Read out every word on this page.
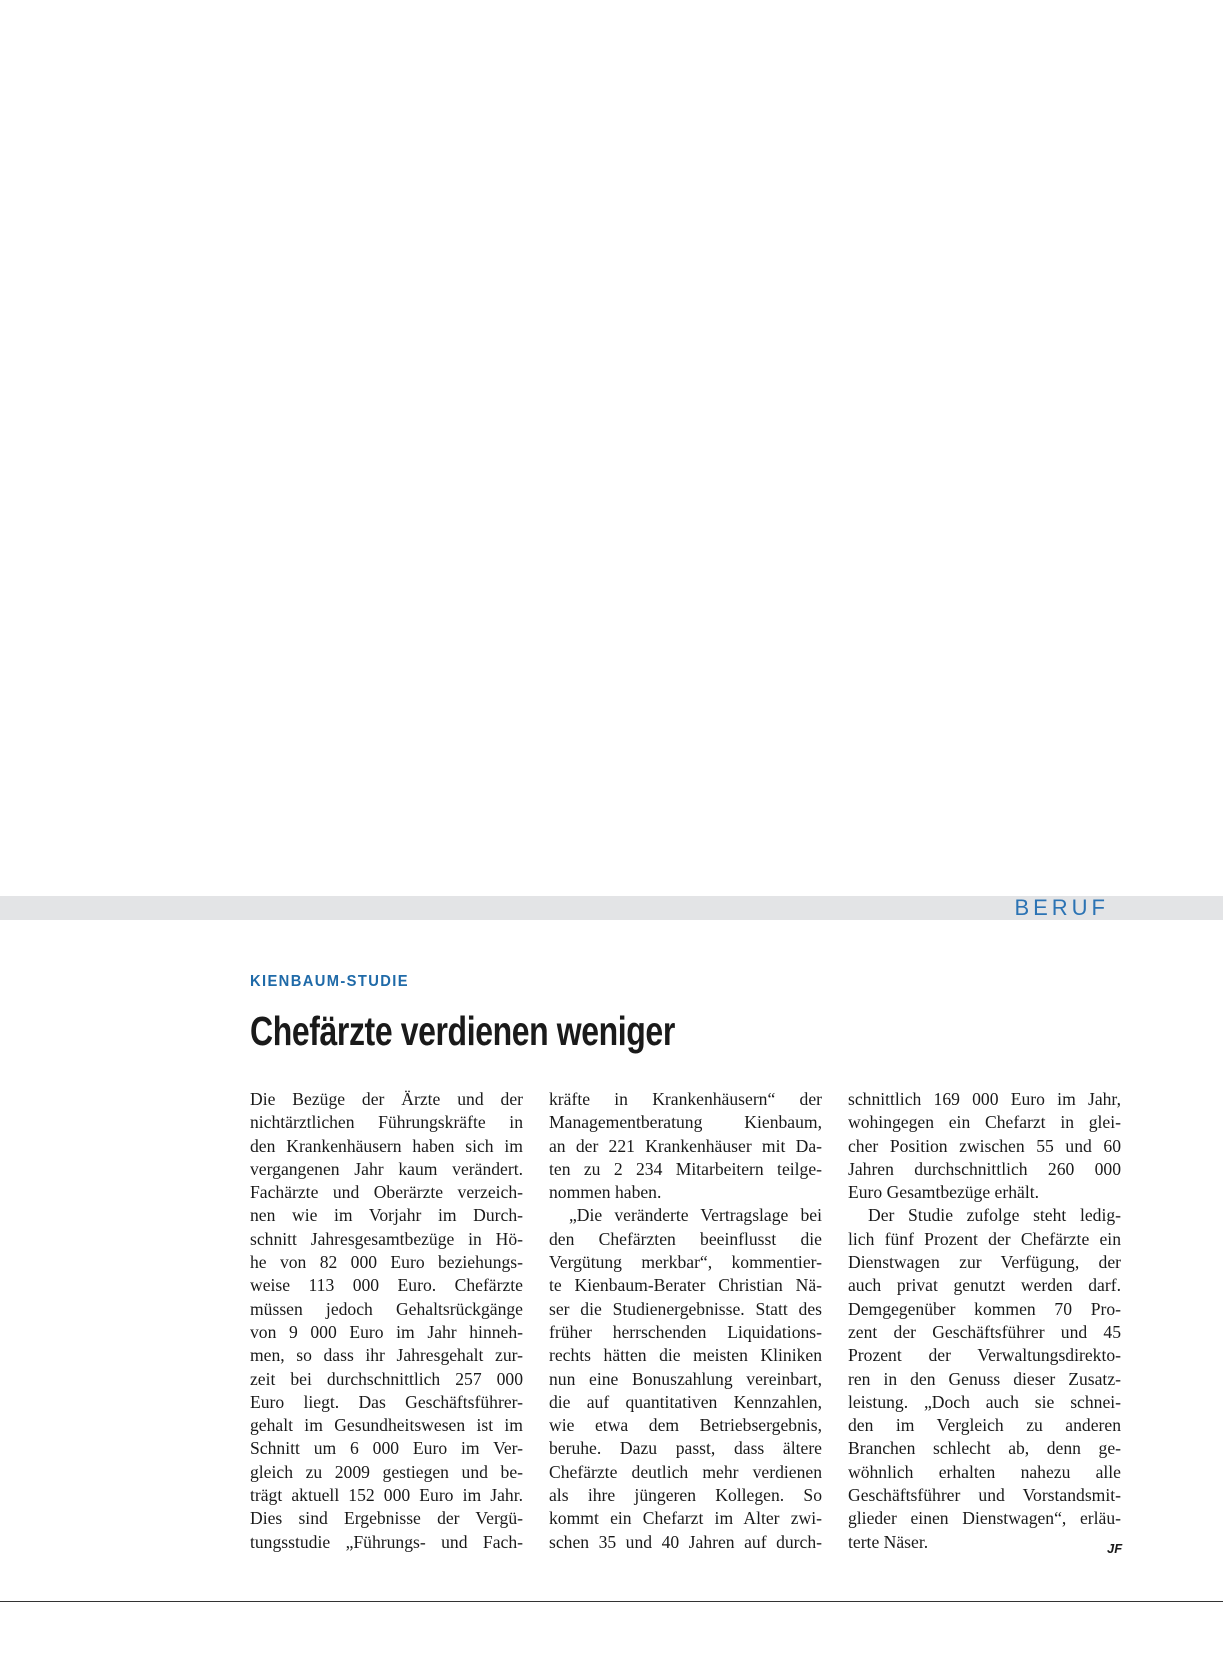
BERUF
KIENBAUM-STUDIE
Chefärzte verdienen weniger
Die Bezüge der Ärzte und der
nichtärztlichen Führungskräfte in
den Krankenhäusern haben sich im
vergangenen Jahr kaum verändert.
Fachärzte und Oberärzte verzeich-
nen wie im Vorjahr im Durch-
schnitt Jahresgesamtbezüge in Hö-
he von 82 000 Euro beziehungs-
weise 113 000 Euro. Chefärzte
müssen jedoch Gehaltsrückgänge
von 9 000 Euro im Jahr hinneh-
men, so dass ihr Jahresgehalt zur-
zeit bei durchschnittlich 257 000
Euro liegt. Das Geschäftsführer-
gehalt im Gesundheitswesen ist im
Schnitt um 6 000 Euro im Ver-
gleich zu 2009 gestiegen und be-
trägt aktuell 152 000 Euro im Jahr.
Dies sind Ergebnisse der Vergü-
tungsstudie „Führungs- und Fach-
kräfte in Krankenhäusern“ der
Managementberatung Kienbaum,
an der 221 Krankenhäuser mit Da-
ten zu 2 234 Mitarbeitern teilge-
nommen haben.
„Die veränderte Vertragslage bei
den Chefärzten beeinflusst die
Vergütung merkbar“, kommentier-
te Kienbaum-Berater Christian Nä-
ser die Studienergebnisse. Statt des
früher herrschenden Liquidations-
rechts hätten die meisten Kliniken
nun eine Bonuszahlung vereinbart,
die auf quantitativen Kennzahlen,
wie etwa dem Betriebsergebnis,
beruhe. Dazu passt, dass ältere
Chefärzte deutlich mehr verdienen
als ihre jüngeren Kollegen. So
kommt ein Chefarzt im Alter zwi-
schen 35 und 40 Jahren auf durch-
schnittlich 169 000 Euro im Jahr,
wohingegen ein Chefarzt in glei-
cher Position zwischen 55 und 60
Jahren durchschnittlich 260 000
Euro Gesamtbezüge erhält.
Der Studie zufolge steht ledig-
lich fünf Prozent der Chefärzte ein
Dienstwagen zur Verfügung, der
auch privat genutzt werden darf.
Demgegenüber kommen 70 Pro-
zent der Geschäftsführer und 45
Prozent der Verwaltungsdirekto-
ren in den Genuss dieser Zusatz-
leistung. „Doch auch sie schnei-
den im Vergleich zu anderen
Branchen schlecht ab, denn ge-
wöhnlich erhalten nahezu alle
Geschäftsführer und Vorstandsmit-
glieder einen Dienstwagen“, erläu-
terte Näser.	JF
